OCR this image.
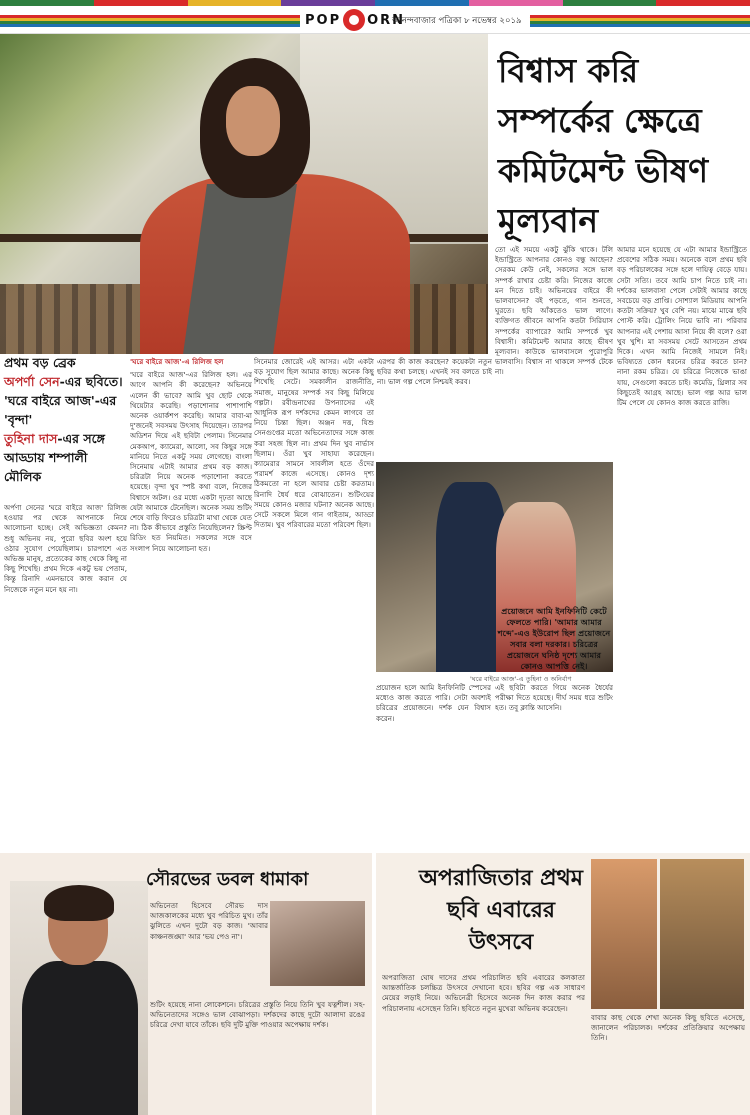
POP ORN
আনন্দবাজার পত্রিকা ৮ নভেম্বর ২০১৯
বিশ্বাস করি সম্পর্কের ক্ষেত্রে কমিটমেন্ট ভীষণ মূল্যবান
প্রথম বড় ব্রেক
অপর্ণা সেন-এর ছবিতে। 'ঘরে বাইরে আজ'-এর 'বৃন্দা'
তুহিনা দাস-এর সঙ্গে আড্ডায় শম্পালী মৌলিক

অর্পণা সেনের 'ঘরে বাইরে আজ' রিলিজ হওয়ার পর থেকে আপনাকে নিয়ে আলোচনা হচ্ছে। সেই অভিজ্ঞতা কেমন? শুধু অভিনয় নয়, পুরো ছবির অংশ হয়ে ওঠার সুযোগ পেয়েছিলাম। চারপাশে এত অভিজ্ঞ মানুষ, প্রত্যেকের কাছ থেকে কিছু না কিছু শিখেছি। প্রথম দিকে একটু ভয় পেতাম, কিন্তু রিনাদি এমনভাবে কাজ করান যে নিজেকে নতুন মনে হয় না।

'ঘরে বাইরে আজ'-এ রিলিজ হল

'ঘরে বাইরে আজ'-এর রিলিজ হল। এর আগে আপনি কী করেছেন? অভিনয়ে এলেন কী ভাবে? আমি খুব ছোট থেকে থিয়েটার করেছি। পড়াশোনার পাশাপাশি অনেক ওয়ার্কশপ করেছি। আমার বাবা-মা দু'জনেই সবসময় উৎসাহ দিয়েছেন। তারপর অডিশন দিয়ে এই ছবিটা পেলাম। সিনেমার মেকআপ, ক্যামেরা, আলো, সব কিছুর সঙ্গে মানিয়ে নিতে একটু সময় লেগেছে। বাংলা সিনেমায় এটাই আমার প্রথম বড় কাজ। চরিত্রটা নিয়ে অনেক পড়াশোনা করতে হয়েছে। বৃন্দা খুব স্পষ্ট কথা বলে, নিজের বিশ্বাসে অটল। ওর মধ্যে একটা দৃঢ়তা আছে যেটা আমাকে টেনেছিল। অনেক সময় শুটিং শেষে বাড়ি ফিরেও চরিত্রটা মাথা থেকে যেত না। ঠিক কীভাবে প্রস্তুতি নিয়েছিলেন? স্ক্রিপ্ট রিডিং হত নিয়মিত। সকলের সঙ্গে বসে সংলাপ নিয়ে আলোচনা হত।

সিনেমার জোরেই এই আসর। এটা একটা বড় সুযোগ ছিল আমার কাছে। অনেক কিছু শিখেছি সেটে। সমকালীন রাজনীতি, সমাজ, মানুষের সম্পর্ক সব কিছু মিলিয়ে গল্পটা। রবীন্দ্রনাথের উপন্যাসের এই আধুনিক রূপ দর্শকদের কেমন লাগবে তা নিয়ে চিন্তা ছিল। অঞ্জন দত্ত, যিশু সেনগুপ্তের মতো অভিনেতাদের সঙ্গে কাজ করা সহজ ছিল না। প্রথম দিন খুব নার্ভাস ছিলাম। ওঁরা খুব সাহায্য করেছেন। ক্যামেরার সামনে সাবলীল হতে ওঁদের পরামর্শ কাজে এসেছে। কোনও দৃশ্য ঠিকমতো না হলে আবার চেষ্টা করতাম। রিনাদি ধৈর্য ধরে বোঝাতেন। শুটিংয়ের সময়ে কোনও মজার ঘটনা? অনেক আছে। সেটে সকলে মিলে গান গাইতাম, আড্ডা দিতাম। খুব পরিবারের মতো পরিবেশ ছিল।

এরপর কী কাজ করছেন? কয়েকটা নতুন ছবির কথা চলছে। এখনই সব বলতে চাই না। ভাল গল্প পেলে নিশ্চয়ই করব।

'ঘরে বাইরে আজ'-এ তুহিনা ও অনির্বাণ

তো এই সময়ে একটু ঝুঁকি থাকে। টলি ইন্ডাস্ট্রিতে আপনার কোনও বন্ধু আছেন? সেরকম কেউ নেই, সকলের সঙ্গে ভাল সম্পর্ক রাখার চেষ্টা করি। নিজের কাজে মন দিতে চাই। অভিনয়ের বাইরে কী ভালবাসেন? বই পড়তে, গান শুনতে, ঘুরতে। ছবি আঁকতেও ভাল লাগে। ব্যক্তিগত জীবনে আপনি কতটা সিরিয়াস সম্পর্কের ব্যাপারে? আমি সম্পর্কে খুব বিশ্বাসী। কমিটমেন্ট আমার কাছে ভীষণ মূল্যবান। কাউকে ভালবাসলে পুরোপুরি ভালবাসি। বিশ্বাস না থাকলে সম্পর্ক টেকে না।

আমার মনে হয়েছে যে এটা আমার ইন্ডাস্ট্রিতে প্রবেশের সঠিক সময়। অনেকে বলে প্রথম ছবি বড় পরিচালকের সঙ্গে হলে দায়িত্ব বেড়ে যায়। সেটা সত্যি। তবে আমি চাপ নিতে চাই না। দর্শকের ভালবাসা পেলে সেটাই আমার কাছে সবচেয়ে বড় প্রাপ্তি। সোশ্যাল মিডিয়ায় আপনি কতটা সক্রিয়? খুব বেশি নয়। মাঝে মাঝে ছবি পোস্ট করি। ট্রোলিং নিয়ে ভাবি না। পরিবার আপনার এই পেশায় আসা নিয়ে কী বলে? ওরা খুব খুশি। মা সবসময় সেটে আসতেন প্রথম দিকে। এখন আমি নিজেই সামলে নিই। ভবিষ্যতে কোন ধরনের চরিত্র করতে চান? নানা রকম চরিত্র। যে চরিত্রে নিজেকে ভাঙা যায়, সেগুলো করতে চাই। কমেডি, থ্রিলার সব কিছুতেই আগ্রহ আছে। ভাল গল্প আর ভাল টিম পেলে যে কোনও কাজ করতে রাজি।

প্রয়োজনে আমি ইনফিনিটি কেটে ফেলতে পারি। 'আমার আমার শব্দে'-এও ইউরোপ ছিল প্রয়োজনে সবার বলা দরকার। চরিত্রের প্রয়োজনে ঘনিষ্ঠ দৃশ্যে আমার কোনও আপত্তি নেই।

প্রয়োজন হলে আমি ইনফিনিটি স্পেসের মধ্যেও কাজ করতে পারি। সেটা অবশ্যই চরিত্রের প্রয়োজনে। দর্শক যেন বিশ্বাস করেন।

এই ছবিটা করতে গিয়ে অনেক ধৈর্যের পরীক্ষা দিতে হয়েছে। দীর্ঘ সময় ধরে শুটিং হত। তবু ক্লান্তি আসেনি।

সৌরভের ডবল ধামাকা

অভিনেতা হিসেবে সৌরভ দাস আজকালকের মধ্যে খুব পরিচিত মুখ। তাঁর ঝুলিতে এখন দুটো বড় কাজ। 'আবার কাঞ্চনজঙ্ঘা' আর 'ভয় পেও না'।

শুটিং হয়েছে নানা লোকেশনে। চরিত্রের প্রস্তুতি নিয়ে তিনি খুব যত্নশীল। সহ-অভিনেতাদের সঙ্গেও ভাল বোঝাপড়া। দর্শকদের কাছে দুটো আলাদা রঙের চরিত্রে দেখা যাবে তাঁকে। ছবি দুটি মুক্তি পাওয়ার অপেক্ষায় দর্শক।

অপরাজিতার প্রথম ছবি এবারের উৎসবে

অপরাজিতা ঘোষ দাসের প্রথম পরিচালিত ছবি এবারের কলকাতা আন্তর্জাতিক চলচ্চিত্র উৎসবে দেখানো হবে। ছবির গল্প এক সাধারণ মেয়ের লড়াই নিয়ে। অভিনেত্রী হিসেবে অনেক দিন কাজ করার পর পরিচালনায় এসেছেন তিনি। ছবিতে নতুন মুখেরা অভিনয় করেছেন।

বাবার কাছ থেকে শেখা অনেক কিছু ছবিতে এসেছে, জানালেন পরিচালক। দর্শকের প্রতিক্রিয়ার অপেক্ষায় তিনি।
